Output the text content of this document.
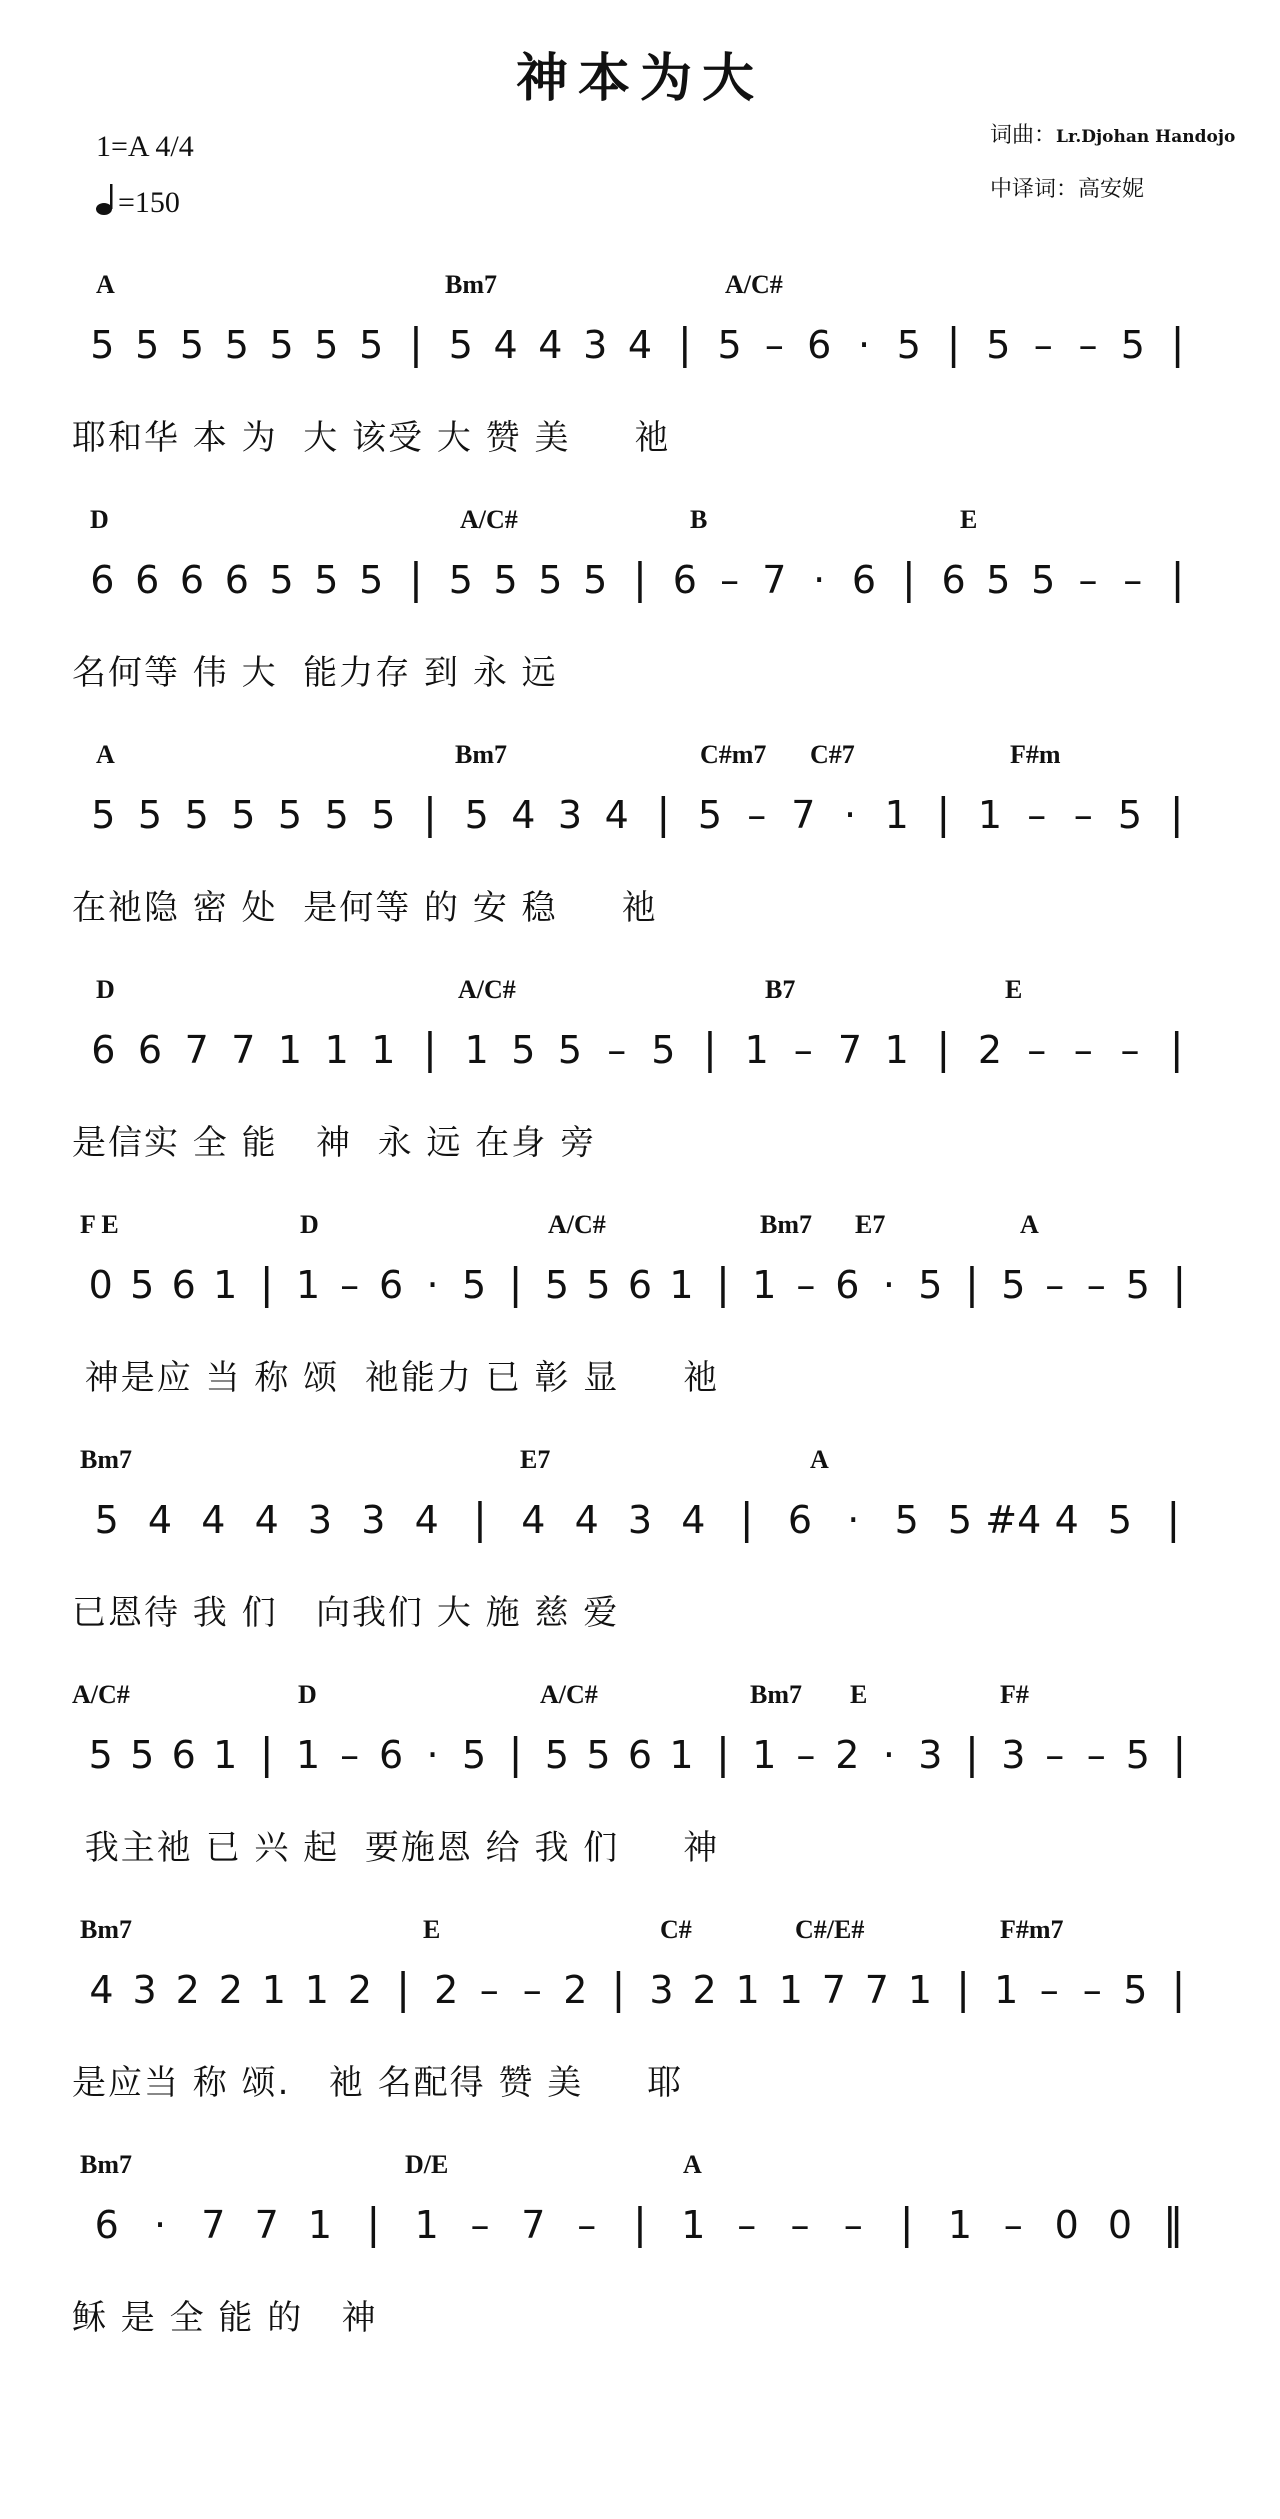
神本为大
1=A 4/4
=150
词曲：Lr.Djohan Handojo
中译词：高安妮
A	Bm7	A/C#
5 5 5 5 5 5 5 | 5 4 4 3 4 | 5 – 6 · 5 | 5 – – 5 |
耶和华 本 为  大 该受 大 赞 美     祂
D	A/C#	B	E
6 6 6 6 5 5 5 | 5 5 5 5 | 6 – 7 · 6 | 6 5 5 – – |
名何等 伟 大  能力存 到 永 远
A	Bm7	C#m7 C#7	F#m
5 5 5 5 5 5 5 | 5 4 3 4 | 5 – 7 · 1 | 1 – – 5 |
在祂隐 密 处  是何等 的 安 稳     祂
D	A/C#	B7	E
6 6 7 7 1 1 1 | 1 5 5 – 5 | 1 – 7 1 | 2 – – – |
是信实 全 能   神  永 远 在身 旁
F E	D	A/C#	Bm7 E7	A
0 5 6 1 | 1 – 6 · 5 | 5 5 6 1 | 1 – 6 · 5 | 5 – – 5 |
神是应 当 称 颂  祂能力 已 彰 显     祂
Bm7	E7	A
5 4 4 4 3 3 4 | 4 4 3 4 | 6 · 5 5 #4 4 5 |
已恩待 我 们   向我们 大 施 慈 爱
A/C#	D	A/C#	Bm7 E	F#
5 5 6 1 | 1 – 6 · 5 | 5 5 6 1 | 1 – 2 · 3 | 3 – – 5 |
我主祂 已 兴 起  要施恩 给 我 们     神
Bm7	E	C#	C#/E#	F#m7
4 3 2 2 1 1 2 | 2 – – 2 | 3 2 1 1 7 7 1 | 1 – – 5 |
是应当 称 颂.   祂 名配得 赞 美     耶
Bm7	D/E	A
6 · 7 7 1 | 1 – 7 – | 1 – – – | 1 – 0 0 ‖
稣 是 全 能 的   神
